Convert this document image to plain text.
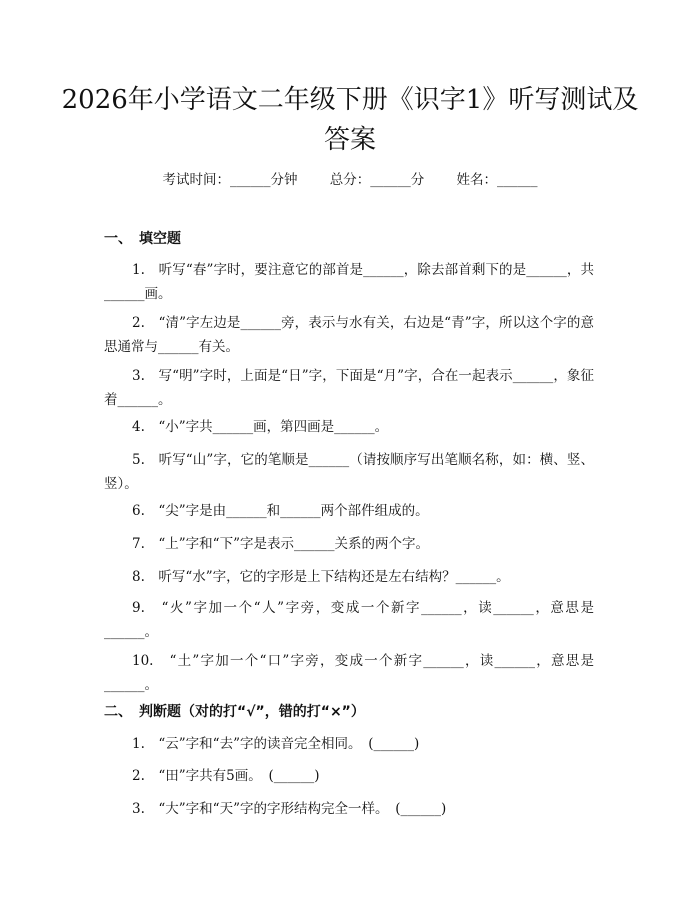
2026年小学语文二年级下册《识字1》听写测试及答案
考试时间：______分钟 总分：______分 姓名：______
一、　填空题
1.　听写“春”字时，要注意它的部首是______，除去部首剩下的是______，共______画。
2.　“清”字左边是______旁，表示与水有关，右边是“青”字，所以这个字的意思通常与______有关。
3.　写“明”字时，上面是“日”字，下面是“月”字，合在一起表示______，象征着______。
4.　“小”字共______画，第四画是______。
5.　听写“山”字，它的笔顺是______（请按顺序写出笔顺名称，如：横、竖、竖）。
6.　“尖”字是由______和______两个部件组成的。
7.　“上”字和“下”字是表示______关系的两个字。
8.　听写“水”字，它的字形是上下结构还是左右结构？______。
9.　“火”字加一个“人”字旁，变成一个新字______，读______，意思是______。
10.　“土”字加一个“口”字旁，变成一个新字______，读______，意思是______。
二、　判断题（对的打“√”，错的打“×”）
1.　“云”字和“去”字的读音完全相同。　(______)
2.　“田”字共有5画。　(______)
3.　“大”字和“天”字的字形结构完全一样。　(______)
